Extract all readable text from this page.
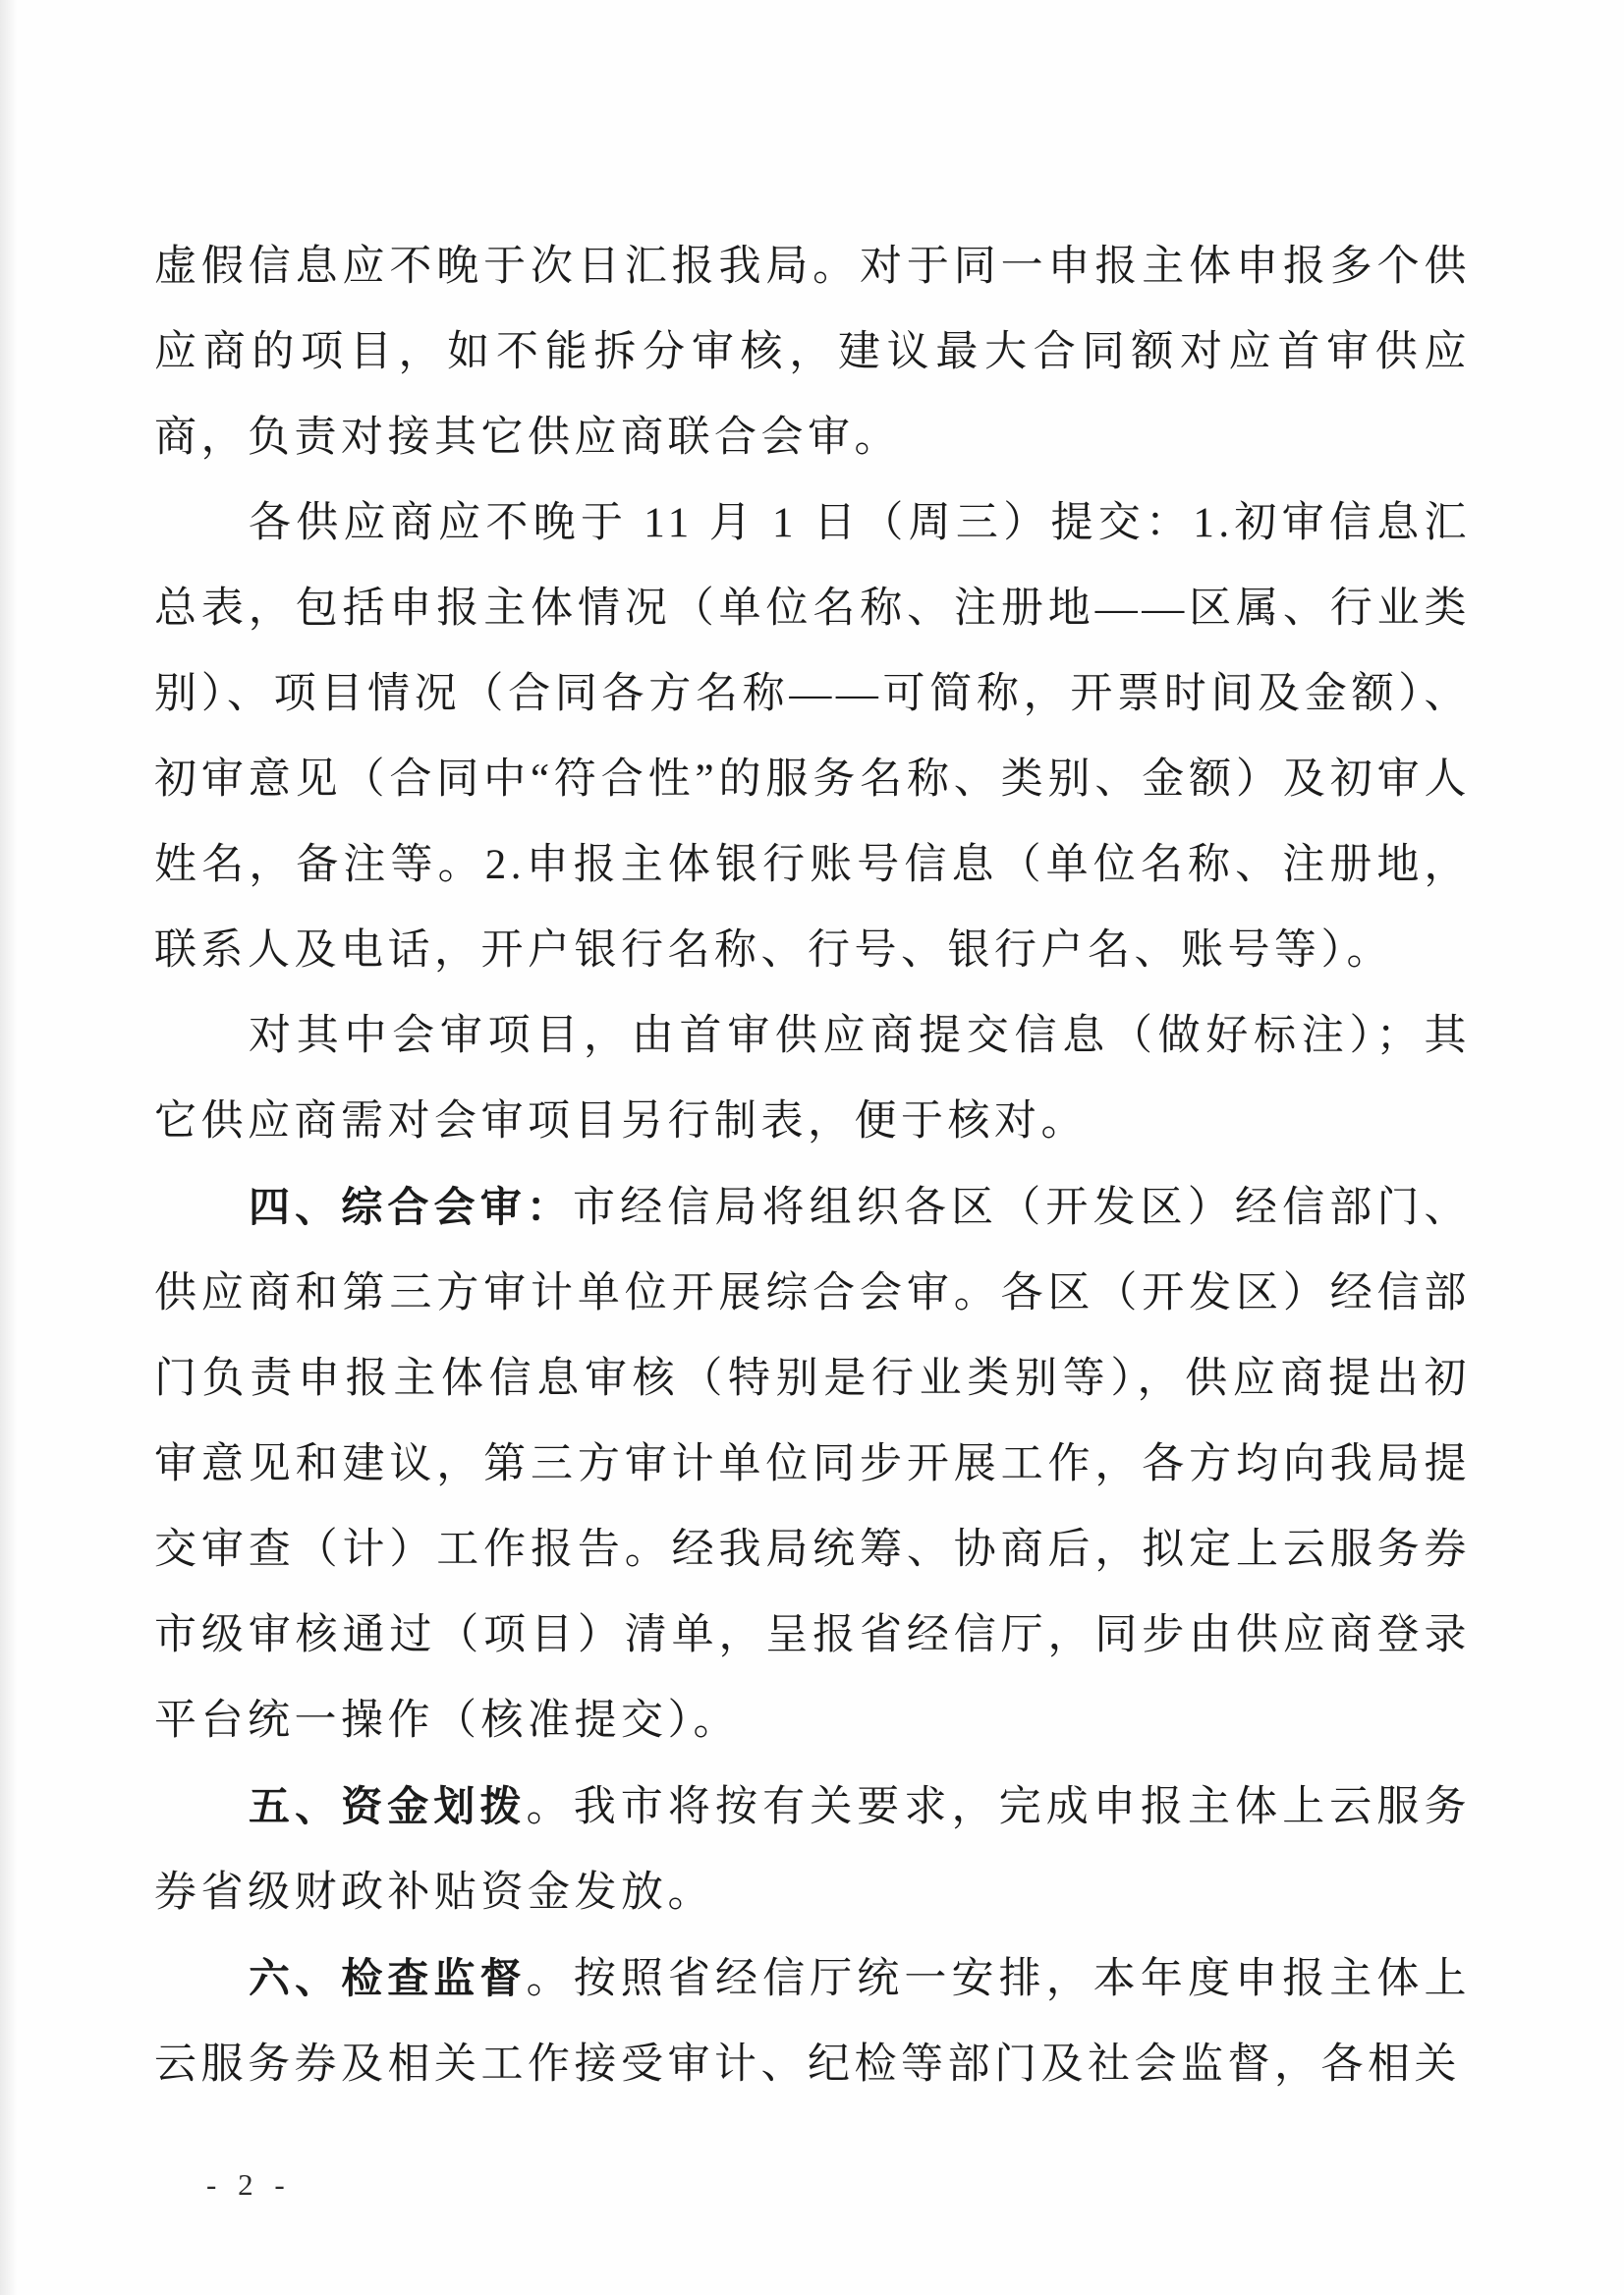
虚假信息应不晚于次日汇报我局。对于同一申报主体申报多个供应商的项目，如不能拆分审核，建议最大合同额对应首审供应商，负责对接其它供应商联合会审。

各供应商应不晚于 11 月 1 日（周三）提交：1.初审信息汇总表，包括申报主体情况（单位名称、注册地——区属、行业类别）、项目情况（合同各方名称——可简称，开票时间及金额）、初审意见（合同中“符合性”的服务名称、类别、金额）及初审人姓名，备注等。2.申报主体银行账号信息（单位名称、注册地，联系人及电话，开户银行名称、行号、银行户名、账号等）。

对其中会审项目，由首审供应商提交信息（做好标注）；其它供应商需对会审项目另行制表，便于核对。

四、综合会审：市经信局将组织各区（开发区）经信部门、供应商和第三方审计单位开展综合会审。各区（开发区）经信部门负责申报主体信息审核（特别是行业类别等），供应商提出初审意见和建议，第三方审计单位同步开展工作，各方均向我局提交审查（计）工作报告。经我局统筹、协商后，拟定上云服务券市级审核通过（项目）清单，呈报省经信厅，同步由供应商登录平台统一操作（核准提交）。

五、资金划拨。我市将按有关要求，完成申报主体上云服务券省级财政补贴资金发放。

六、检查监督。按照省经信厅统一安排，本年度申报主体上云服务券及相关工作接受审计、纪检等部门及社会监督，各相关

- 2 -
